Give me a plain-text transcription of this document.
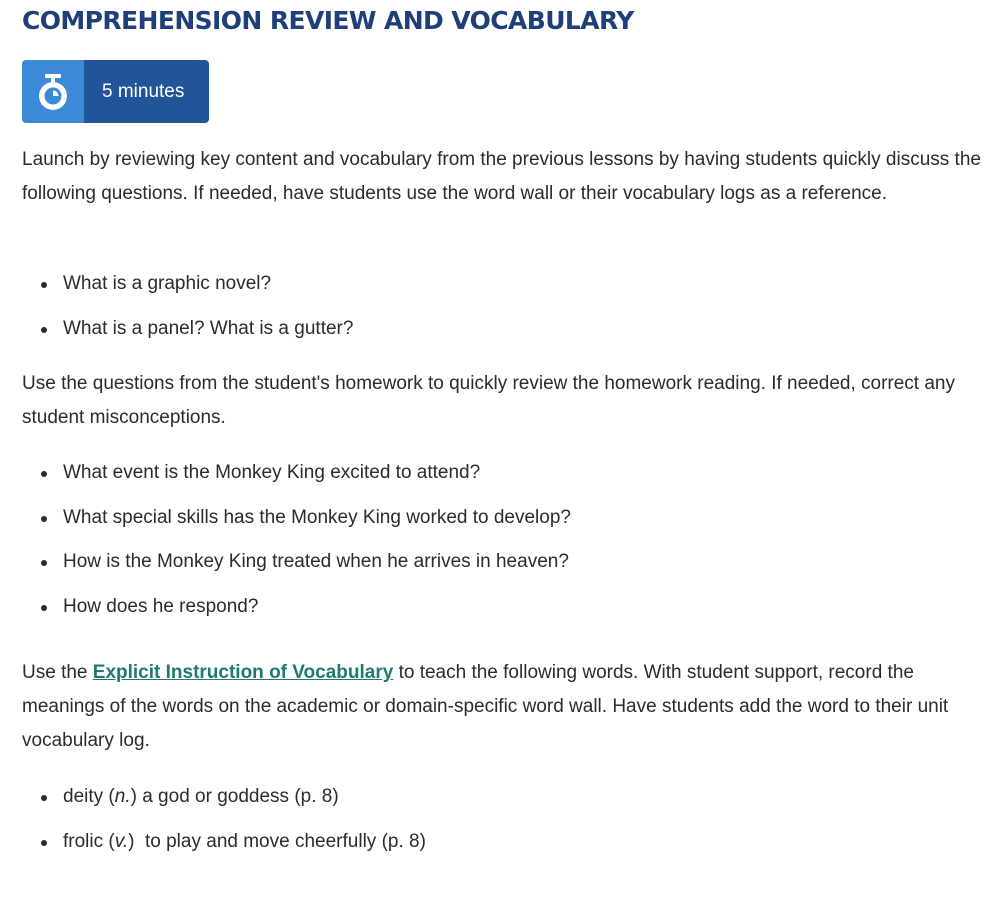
COMPREHENSION REVIEW AND VOCABULARY
5 minutes

Launch by reviewing key content and vocabulary from the previous lessons by having students quickly discuss the following questions. If needed, have students use the word wall or their vocabulary logs as a reference.

What is a graphic novel?
What is a panel? What is a gutter?

Use the questions from the student's homework to quickly review the homework reading. If needed, correct any student misconceptions.

What event is the Monkey King excited to attend?
What special skills has the Monkey King worked to develop?
How is the Monkey King treated when he arrives in heaven?
How does he respond?

Use the Explicit Instruction of Vocabulary to teach the following words. With student support, record the meanings of the words on the academic or domain-specific word wall. Have students add the word to their unit vocabulary log.

deity (n.) a god or goddess (p. 8)
frolic (v.)  to play and move cheerfully (p. 8)
